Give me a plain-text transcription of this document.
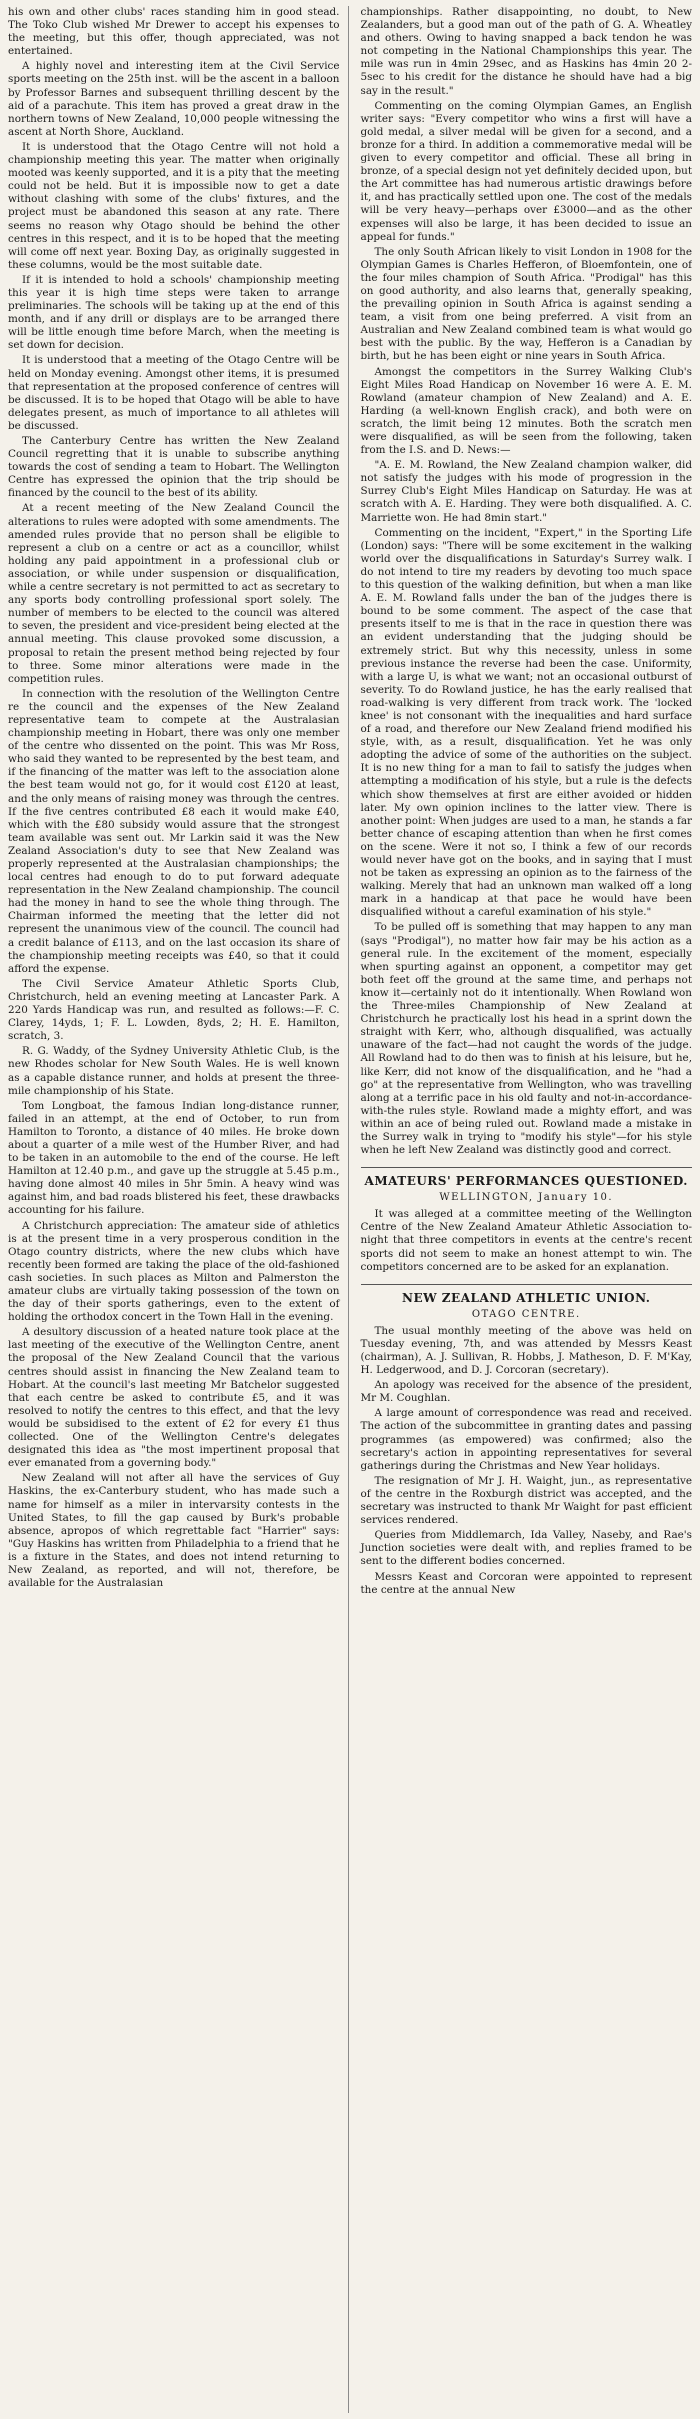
his own and other clubs' races standing him in good stead. The Toko Club wished Mr Drewer to accept his expenses to the meeting, but this offer, though appreciated, was not entertained.

A highly novel and interesting item at the Civil Service sports meeting on the 25th inst. will be the ascent in a balloon by Professor Barnes and subsequent thrilling descent by the aid of a parachute. This item has proved a great draw in the northern towns of New Zealand, 10,000 people witnessing the ascent at North Shore, Auckland.

It is understood that the Otago Centre will not hold a championship meeting this year. The matter when originally mooted was keenly supported, and it is a pity that the meeting could not be held. But it is impossible now to get a date without clashing with some of the clubs' fixtures, and the project must be abandoned this season at any rate. There seems no reason why Otago should be behind the other centres in this respect, and it is to be hoped that the meeting will come off next year. Boxing Day, as originally suggested in these columns, would be the most suitable date.

If it is intended to hold a schools' championship meeting this year it is high time steps were taken to arrange preliminaries. The schools will be taking up at the end of this month, and if any drill or displays are to be arranged there will be little enough time before March, when the meeting is set down for decision.

It is understood that a meeting of the Otago Centre will be held on Monday evening. Amongst other items, it is presumed that representation at the proposed conference of centres will be discussed. It is to be hoped that Otago will be able to have delegates present, as much of importance to all athletes will be discussed.

The Canterbury Centre has written the New Zealand Council regretting that it is unable to subscribe anything towards the cost of sending a team to Hobart. The Wellington Centre has expressed the opinion that the trip should be financed by the council to the best of its ability.

At a recent meeting of the New Zealand Council the alterations to rules were adopted with some amendments. The amended rules provide that no person shall be eligible to represent a club on a centre or act as a councillor, whilst holding any paid appointment in a professional club or association, or while under suspension or disqualification, while a centre secretary is not permitted to act as secretary to any sports body controlling professional sport solely. The number of members to be elected to the council was altered to seven, the president and vice-president being elected at the annual meeting. This clause provoked some discussion, a proposal to retain the present method being rejected by four to three. Some minor alterations were made in the competition rules.

In connection with the resolution of the Wellington Centre re the council and the expenses of the New Zealand representative team to compete at the Australasian championship meeting in Hobart, there was only one member of the centre who dissented on the point. This was Mr Ross, who said they wanted to be represented by the best team, and if the financing of the matter was left to the association alone the best team would not go, for it would cost £120 at least, and the only means of raising money was through the centres. If the five centres contributed £8 each it would make £40, which with the £80 subsidy would assure that the strongest team available was sent out. Mr Larkin said it was the New Zealand Association's duty to see that New Zealand was properly represented at the Australasian championships; the local centres had enough to do to put forward adequate representation in the New Zealand championship. The council had the money in hand to see the whole thing through. The Chairman informed the meeting that the letter did not represent the unanimous view of the council. The council had a credit balance of £113, and on the last occasion its share of the championship meeting receipts was £40, so that it could afford the expense.

The Civil Service Amateur Athletic Sports Club, Christchurch, held an evening meeting at Lancaster Park. A 220 Yards Handicap was run, and resulted as follows:—F. C. Clarey, 14yds, 1; F. L. Lowden, 8yds, 2; H. E. Hamilton, scratch, 3.

R. G. Waddy, of the Sydney University Athletic Club, is the new Rhodes scholar for New South Wales. He is well known as a capable distance runner, and holds at present the three-mile championship of his State.

Tom Longboat, the famous Indian long-distance runner, failed in an attempt, at the end of October, to run from Hamilton to Toronto, a distance of 40 miles. He broke down about a quarter of a mile west of the Humber River, and had to be taken in an automobile to the end of the course. He left Hamilton at 12.40 p.m., and gave up the struggle at 5.45 p.m., having done almost 40 miles in 5hr 5min. A heavy wind was against him, and bad roads blistered his feet, these drawbacks accounting for his failure.

A Christchurch appreciation: The amateur side of athletics is at the present time in a very prosperous condition in the Otago country districts, where the new clubs which have recently been formed are taking the place of the old-fashioned cash societies. In such places as Milton and Palmerston the amateur clubs are virtually taking possession of the town on the day of their sports gatherings, even to the extent of holding the orthodox concert in the Town Hall in the evening.

A desultory discussion of a heated nature took place at the last meeting of the executive of the Wellington Centre, anent the proposal of the New Zealand Council that the various centres should assist in financing the New Zealand team to Hobart. At the council's last meeting Mr Batchelor suggested that each centre be asked to contribute £5, and it was resolved to notify the centres to this effect, and that the levy would be subsidised to the extent of £2 for every £1 thus collected. One of the Wellington Centre's delegates designated this idea as "the most impertinent proposal that ever emanated from a governing body."

New Zealand will not after all have the services of Guy Haskins, the ex-Canterbury student, who has made such a name for himself as a miler in intervarsity contests in the United States, to fill the gap caused by Burk's probable absence, apropos of which regrettable fact "Harrier" says: "Guy Haskins has written from Philadelphia to a friend that he is a fixture in the States, and does not intend returning to New Zealand, as reported, and will not, therefore, be available for the Australasian

championships. Rather disappointing, no doubt, to New Zealanders, but a good man out of the path of G. A. Wheatley and others. Owing to having snapped a back tendon he was not competing in the National Championships this year. The mile was run in 4min 29sec, and as Haskins has 4min 20 2-5sec to his credit for the distance he should have had a big say in the result."

Commenting on the coming Olympian Games, an English writer says: "Every competitor who wins a first will have a gold medal, a silver medal will be given for a second, and a bronze for a third. In addition a commemorative medal will be given to every competitor and official. These all bring in bronze, of a special design not yet definitely decided upon, but the Art committee has had numerous artistic drawings before it, and has practically settled upon one. The cost of the medals will be very heavy—perhaps over £3000—and as the other expenses will also be large, it has been decided to issue an appeal for funds."

The only South African likely to visit London in 1908 for the Olympian Games is Charles Hefferon, of Bloemfontein, one of the four miles champion of South Africa. "Prodigal" has this on good authority, and also learns that, generally speaking, the prevailing opinion in South Africa is against sending a team, a visit from one being preferred. A visit from an Australian and New Zealand combined team is what would go best with the public. By the way, Hefferon is a Canadian by birth, but he has been eight or nine years in South Africa.

Amongst the competitors in the Surrey Walking Club's Eight Miles Road Handicap on November 16 were A. E. M. Rowland (amateur champion of New Zealand) and A. E. Harding (a well-known English crack), and both were on scratch, the limit being 12 minutes. Both the scratch men were disqualified, as will be seen from the following, taken from the I.S. and D. News:—

"A. E. M. Rowland, the New Zealand champion walker, did not satisfy the judges with his mode of progression in the Surrey Club's Eight Miles Handicap on Saturday. He was at scratch with A. E. Harding. They were both disqualified. A. C. Marriette won. He had 8min start."

Commenting on the incident, "Expert," in the Sporting Life (London) says: "There will be some excitement in the walking world over the disqualifications in Saturday's Surrey walk. I do not intend to tire my readers by devoting too much space to this question of the walking definition, but when a man like A. E. M. Rowland falls under the ban of the judges there is bound to be some comment. The aspect of the case that presents itself to me is that in the race in question there was an evident understanding that the judging should be extremely strict. But why this necessity, unless in some previous instance the reverse had been the case. Uniformity, with a large U, is what we want; not an occasional outburst of severity. To do Rowland justice, he has the early realised that road-walking is very different from track work. The 'locked knee' is not consonant with the inequalities and hard surface of a road, and therefore our New Zealand friend modified his style, with, as a result, disqualification. Yet he was only adopting the advice of some of the authorities on the subject. It is no new thing for a man to fail to satisfy the judges when attempting a modification of his style, but a rule is the defects which show themselves at first are either avoided or hidden later. My own opinion inclines to the latter view. There is another point: When judges are used to a man, he stands a far better chance of escaping attention than when he first comes on the scene. Were it not so, I think a few of our records would never have got on the books, and in saying that I must not be taken as expressing an opinion as to the fairness of the walking. Merely that had an unknown man walked off a long mark in a handicap at that pace he would have been disqualified without a careful examination of his style."

To be pulled off is something that may happen to any man (says "Prodigal"), no matter how fair may be his action as a general rule. In the excitement of the moment, especially when spurting against an opponent, a competitor may get both feet off the ground at the same time, and perhaps not know it—certainly not do it intentionally. When Rowland won the Three-miles Championship of New Zealand at Christchurch he practically lost his head in a sprint down the straight with Kerr, who, although disqualified, was actually unaware of the fact—had not caught the words of the judge. All Rowland had to do then was to finish at his leisure, but he, like Kerr, did not know of the disqualification, and he "had a go" at the representative from Wellington, who was travelling along at a terrific pace in his old faulty and not-in-accordance-with-the rules style. Rowland made a mighty effort, and was within an ace of being ruled out. Rowland made a mistake in the Surrey walk in trying to "modify his style"—for his style when he left New Zealand was distinctly good and correct.

AMATEURS' PERFORMANCES QUESTIONED.

WELLINGTON, January 10.

It was alleged at a committee meeting of the Wellington Centre of the New Zealand Amateur Athletic Association to-night that three competitors in events at the centre's recent sports did not seem to make an honest attempt to win. The competitors concerned are to be asked for an explanation.

NEW ZEALAND ATHLETIC UNION.

OTAGO CENTRE.

The usual monthly meeting of the above was held on Tuesday evening, 7th, and was attended by Messrs Keast (chairman), A. J. Sullivan, R. Hobbs, J. Matheson, D. F. M'Kay, H. Ledgerwood, and D. J. Corcoran (secretary).

An apology was received for the absence of the president, Mr M. Coughlan.

A large amount of correspondence was read and received. The action of the subcommittee in granting dates and passing programmes (as empowered) was confirmed; also the secretary's action in appointing representatives for several gatherings during the Christmas and New Year holidays.

The resignation of Mr J. H. Waight, jun., as representative of the centre in the Roxburgh district was accepted, and the secretary was instructed to thank Mr Waight for past efficient services rendered.

Queries from Middlemarch, Ida Valley, Naseby, and Rae's Junction societies were dealt with, and replies framed to be sent to the different bodies concerned.

Messrs Keast and Corcoran were appointed to represent the centre at the annual New
